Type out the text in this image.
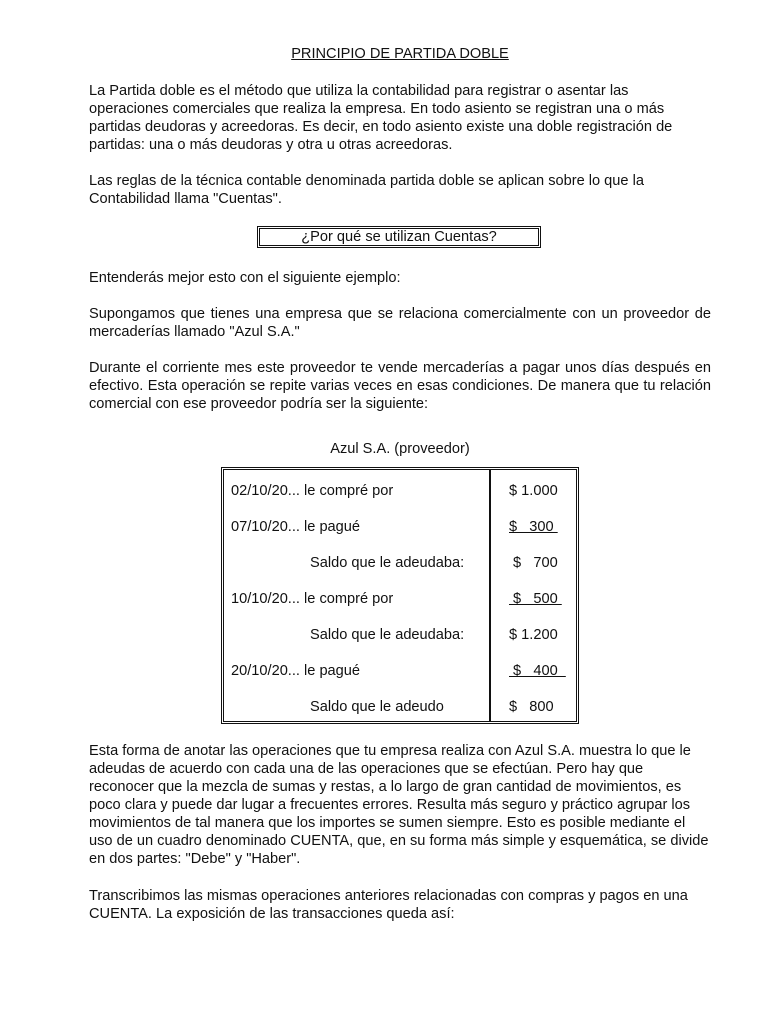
PRINCIPIO DE PARTIDA DOBLE

La Partida doble es el método que utiliza la contabilidad para registrar o asentar las operaciones comerciales que realiza la empresa. En todo asiento se registran una o más partidas deudoras y acreedoras. Es decir, en todo asiento existe una doble registración de partidas: una o más deudoras y otra u otras acreedoras.

Las reglas de la técnica contable denominada partida doble se aplican sobre lo que la Contabilidad llama "Cuentas".

¿Por qué se utilizan Cuentas?

Entenderás mejor esto con el siguiente ejemplo:

Supongamos que tienes una empresa que se relaciona comercialmente con un proveedor de mercaderías llamado "Azul S.A."

Durante el corriente mes este proveedor te vende mercaderías a pagar unos días después en efectivo. Esta operación se repite varias veces en esas condiciones. De manera que tu relación comercial con ese proveedor podría ser la siguiente:

Azul S.A. (proveedor)
02/10/20... le compré por	$ 1.000
07/10/20... le pagué	$   300
Saldo que le adeudaba:	$   700
10/10/20... le compré por	$   500
Saldo que le adeudaba:	$ 1.200
20/10/20... le pagué	$   400
Saldo que le adeudo	$   800

Esta forma de anotar las operaciones que tu empresa realiza con Azul S.A. muestra lo que le adeudas de acuerdo con cada una de las operaciones que se efectúan. Pero hay que reconocer que la mezcla de sumas y restas, a lo largo de gran cantidad de movimientos, es poco clara y puede dar lugar a frecuentes errores. Resulta más seguro y práctico agrupar los movimientos de tal manera que los importes se sumen siempre. Esto es posible mediante el uso de un cuadro denominado CUENTA, que, en su forma más simple y esquemática, se divide en dos partes: "Debe" y "Haber".

Transcribimos las mismas operaciones anteriores relacionadas con compras y pagos en una CUENTA. La exposición de las transacciones queda así:
